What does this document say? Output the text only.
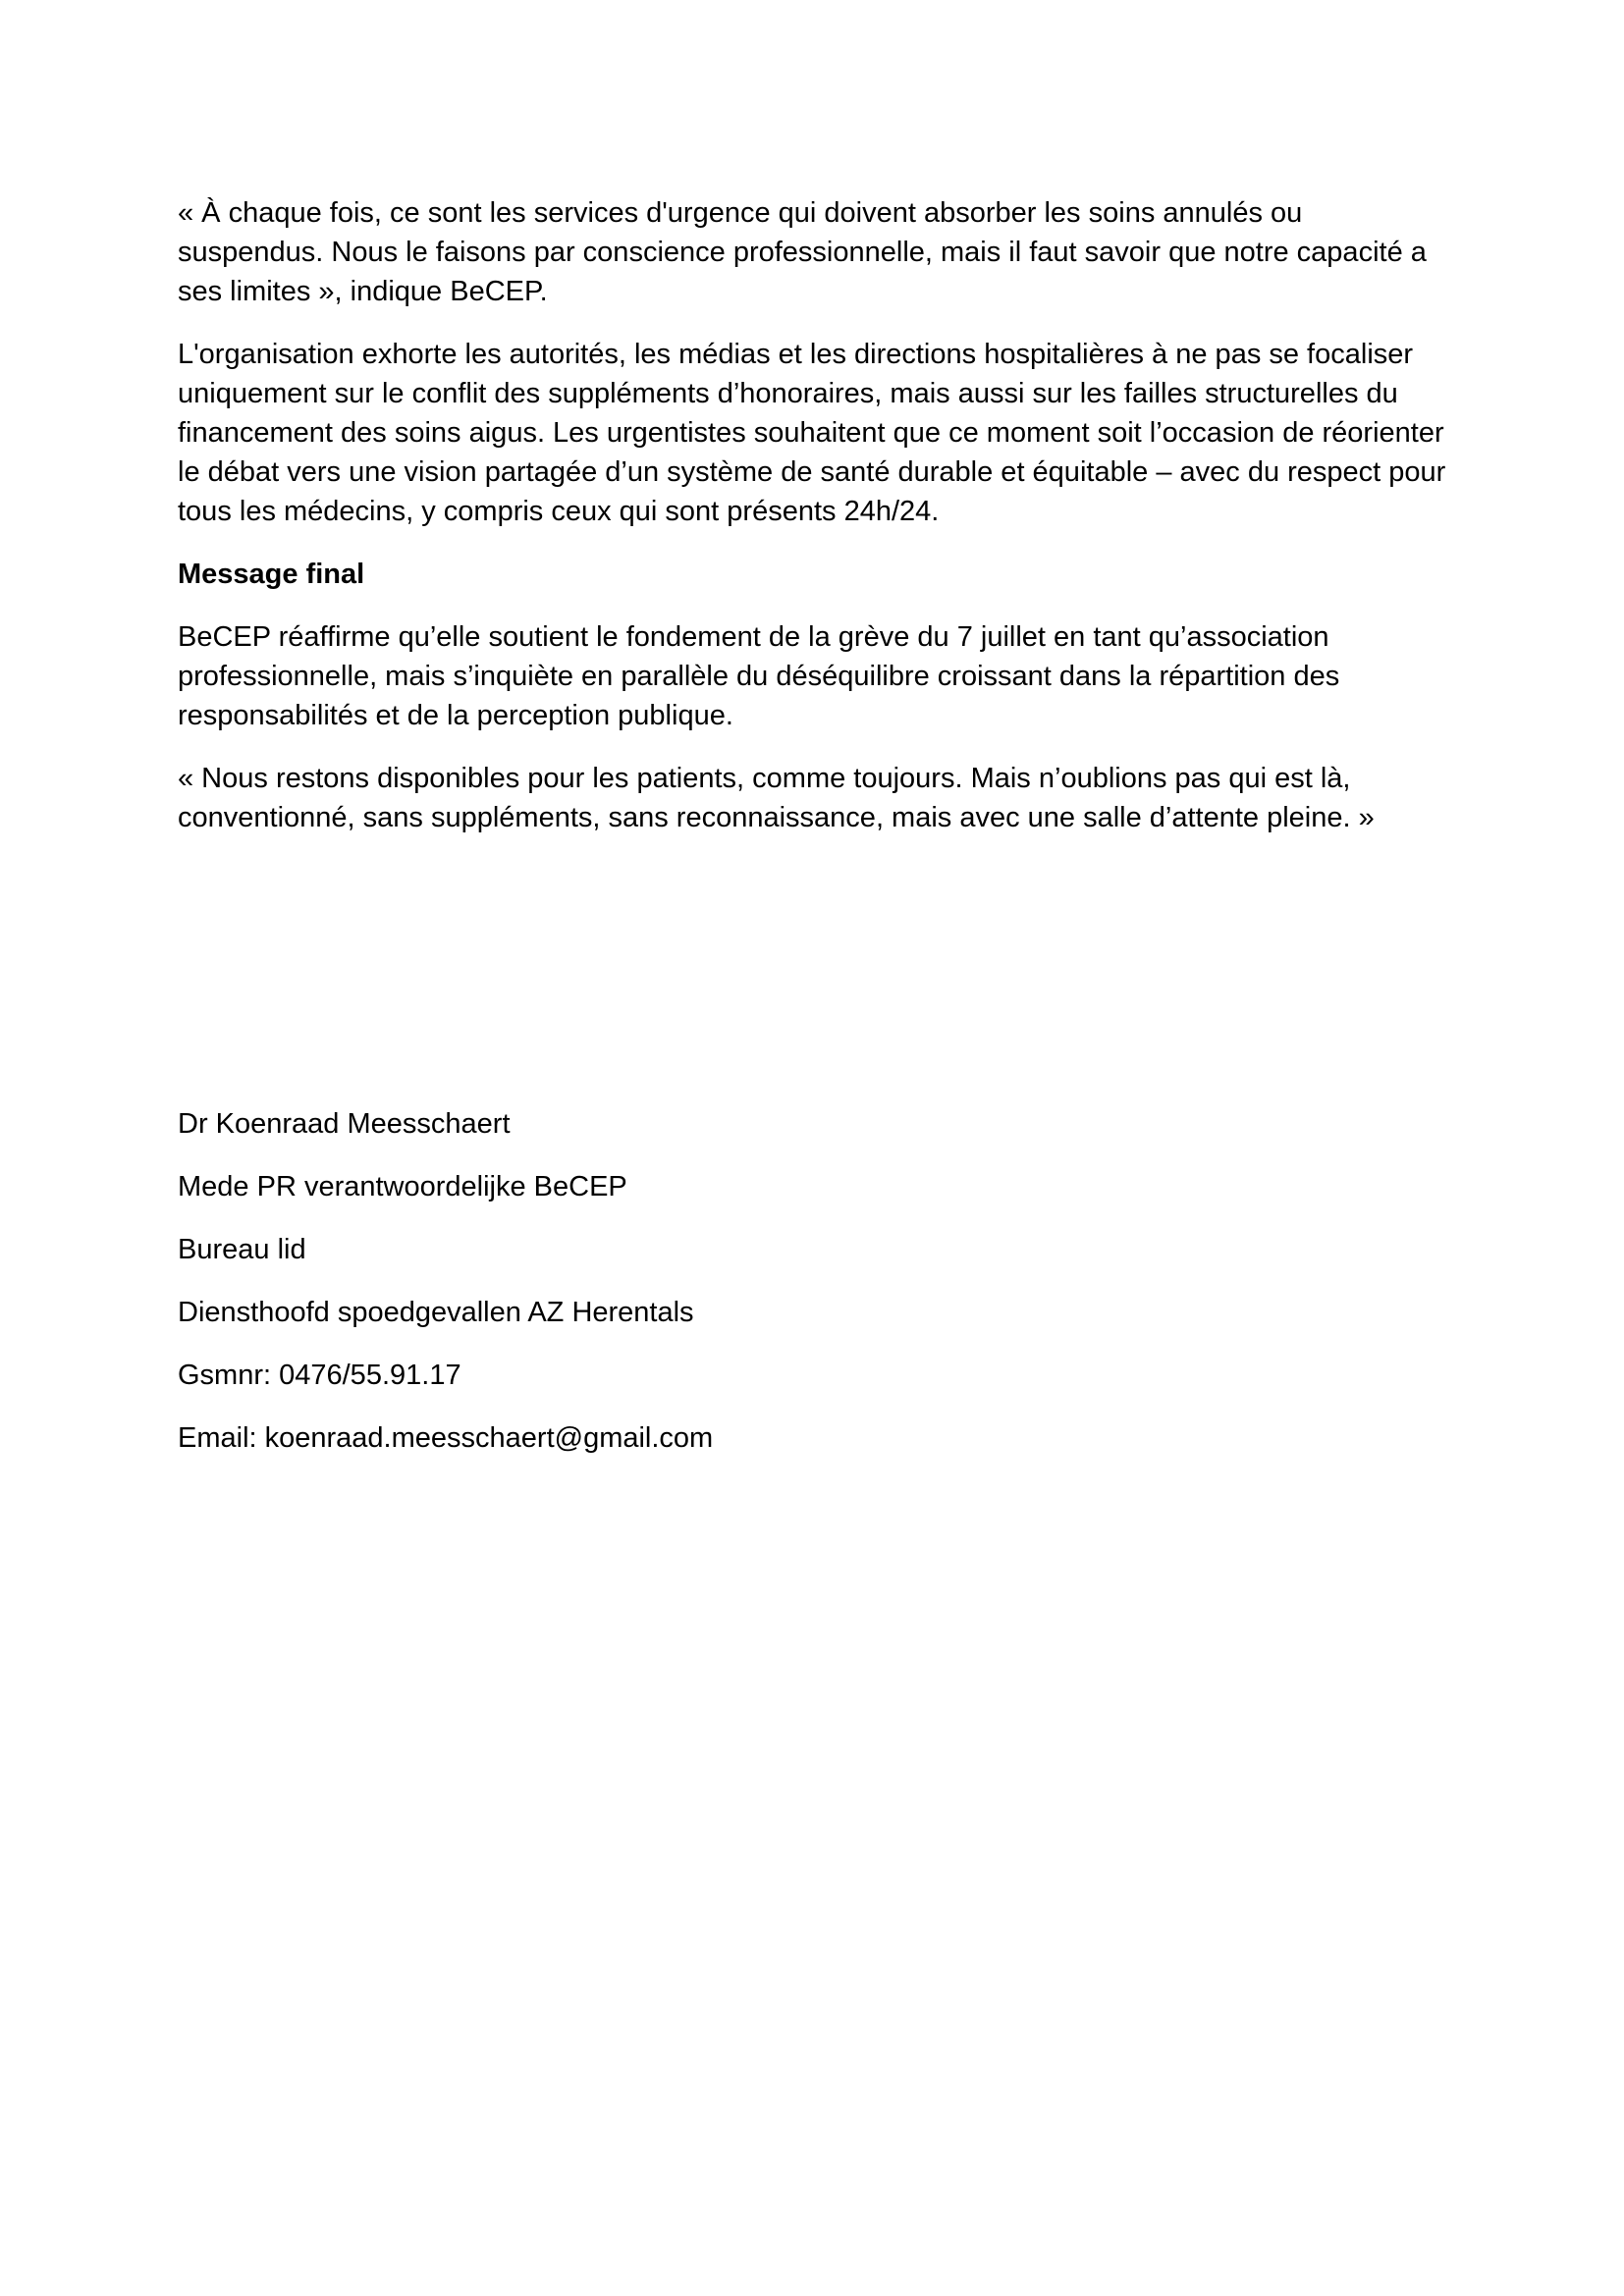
« À chaque fois, ce sont les services d'urgence qui doivent absorber les soins annulés ou suspendus. Nous le faisons par conscience professionnelle, mais il faut savoir que notre capacité a ses limites », indique BeCEP.

L'organisation exhorte les autorités, les médias et les directions hospitalières à ne pas se focaliser uniquement sur le conflit des suppléments d’honoraires, mais aussi sur les failles structurelles du financement des soins aigus. Les urgentistes souhaitent que ce moment soit l’occasion de réorienter le débat vers une vision partagée d’un système de santé durable et équitable – avec du respect pour tous les médecins, y compris ceux qui sont présents 24h/24.

Message final

BeCEP réaffirme qu’elle soutient le fondement de la grève du 7 juillet en tant qu’association professionnelle, mais s’inquiète en parallèle du déséquilibre croissant dans la répartition des responsabilités et de la perception publique.

« Nous restons disponibles pour les patients, comme toujours. Mais n’oublions pas qui est là, conventionné, sans suppléments, sans reconnaissance, mais avec une salle d’attente pleine. »

Dr Koenraad Meesschaert

Mede PR verantwoordelijke BeCEP

Bureau lid

Diensthoofd spoedgevallen AZ Herentals

Gsmnr: 0476/55.91.17

Email: koenraad.meesschaert@gmail.com
